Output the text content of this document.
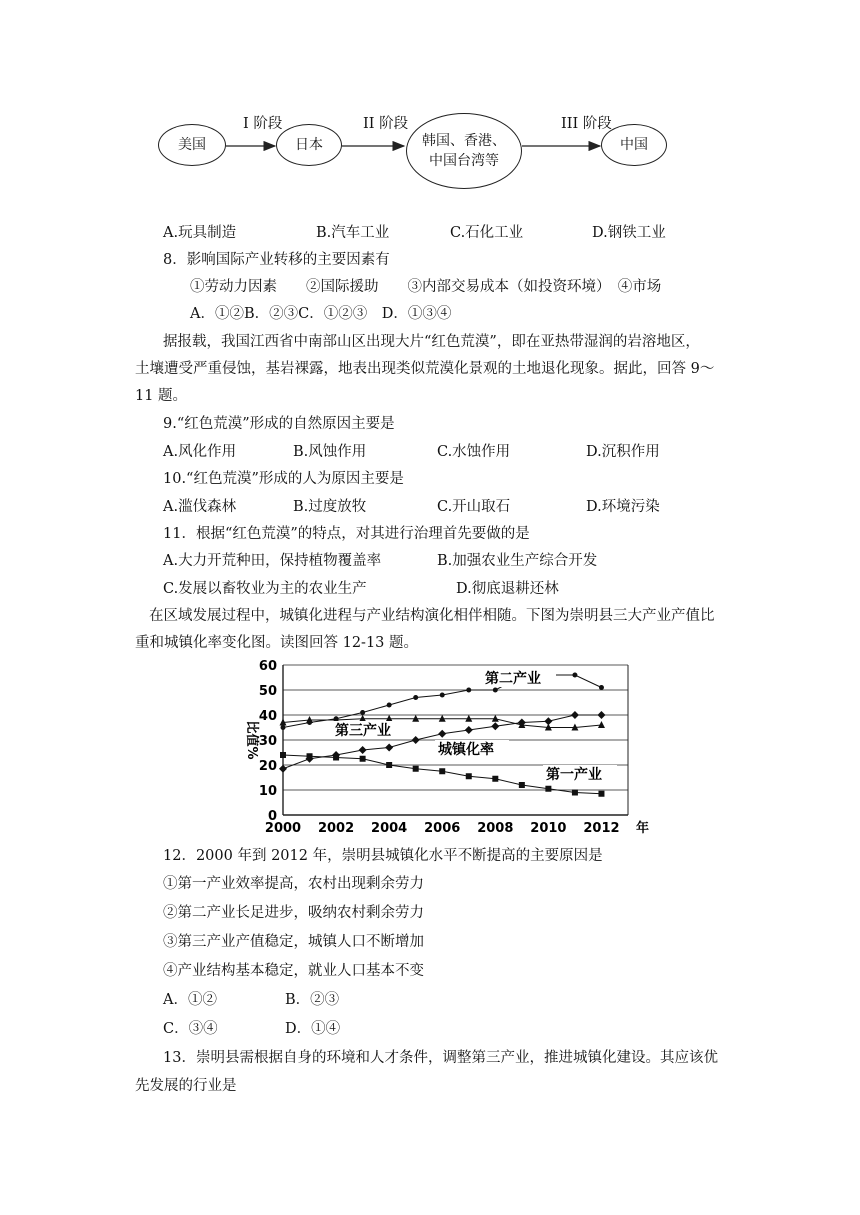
美国	日本	韩国、香港、
中国台湾等
中国
I 阶段	II 阶段	III 阶段
A.玩具制造	B.汽车工业	C.石化工业	D.钢铁工业
8．影响国际产业转移的主要因素有
①劳动力因素　　②国际援助　　③内部交易成本（如投资环境）　④市场
A．①②B．②③C．①②③　D．①③④
据报载，我国江西省中南部山区出现大片“红色荒漠”，即在亚热带湿润的岩溶地区，
土壤遭受严重侵蚀，基岩裸露，地表出现类似荒漠化景观的土地退化现象。据此，回答 9～
11 题。
9.“红色荒漠”形成的自然原因主要是
A.风化作用	B.风蚀作用	C.水蚀作用	D.沉积作用
10.“红色荒漠”形成的人为原因主要是
A.滥伐森林	B.过度放牧	C.开山取石	D.环境污染
11．根据“红色荒漠”的特点，对其进行治理首先要做的是
A.大力开荒种田，保持植物覆盖率	B.加强农业生产综合开发
C.发展以畜牧业为主的农业生产	D.彻底退耕还林
在区域发展过程中，城镇化进程与产业结构演化相伴相随。下图为崇明县三大产业产值比
重和城镇化率变化图。读图回答 12-13 题。
0
10
20
30
40
50
60
2000 2002 2004 2006 2008 2010 2012 年
比值%
第二产业
第三产业
城镇化率
第一产业
12．2000 年到 2012 年，崇明县城镇化水平不断提高的主要原因是
①第一产业效率提高，农村出现剩余劳力
②第二产业长足进步，吸纳农村剩余劳力
③第三产业产值稳定，城镇人口不断增加
④产业结构基本稳定，就业人口基本不变
A．①②	B．②③
C．③④	D．①④
13．崇明县需根据自身的环境和人才条件，调整第三产业，推进城镇化建设。其应该优
先发展的行业是
